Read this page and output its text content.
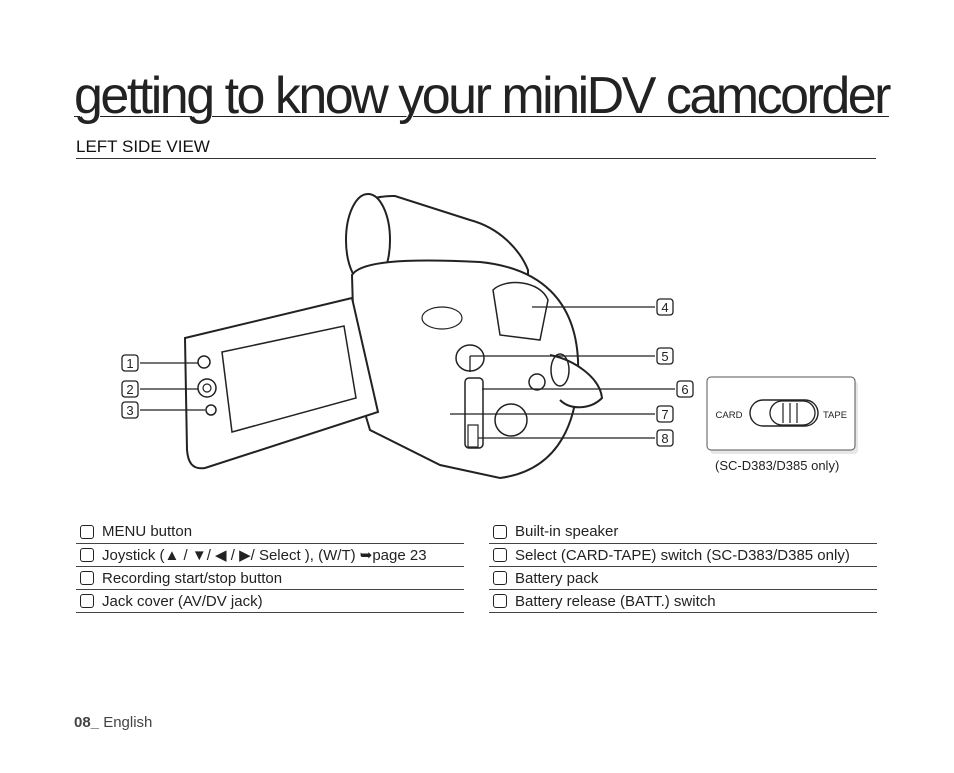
getting to know your miniDV camcorder
LEFT SIDE VIEW
1
2
3
4
5
6
7
8
CARD	TAPE
(SC-D383/D385 only)
MENU button
Joystick (▲ / ▼/ ◀ / ▶/ Select ), (W/T) ➥page 23
Recording start/stop button
Jack cover (AV/DV jack)
Built-in speaker
Select (CARD-TAPE) switch (SC-D383/D385 only)
Battery pack
Battery release (BATT.) switch
08_ English
